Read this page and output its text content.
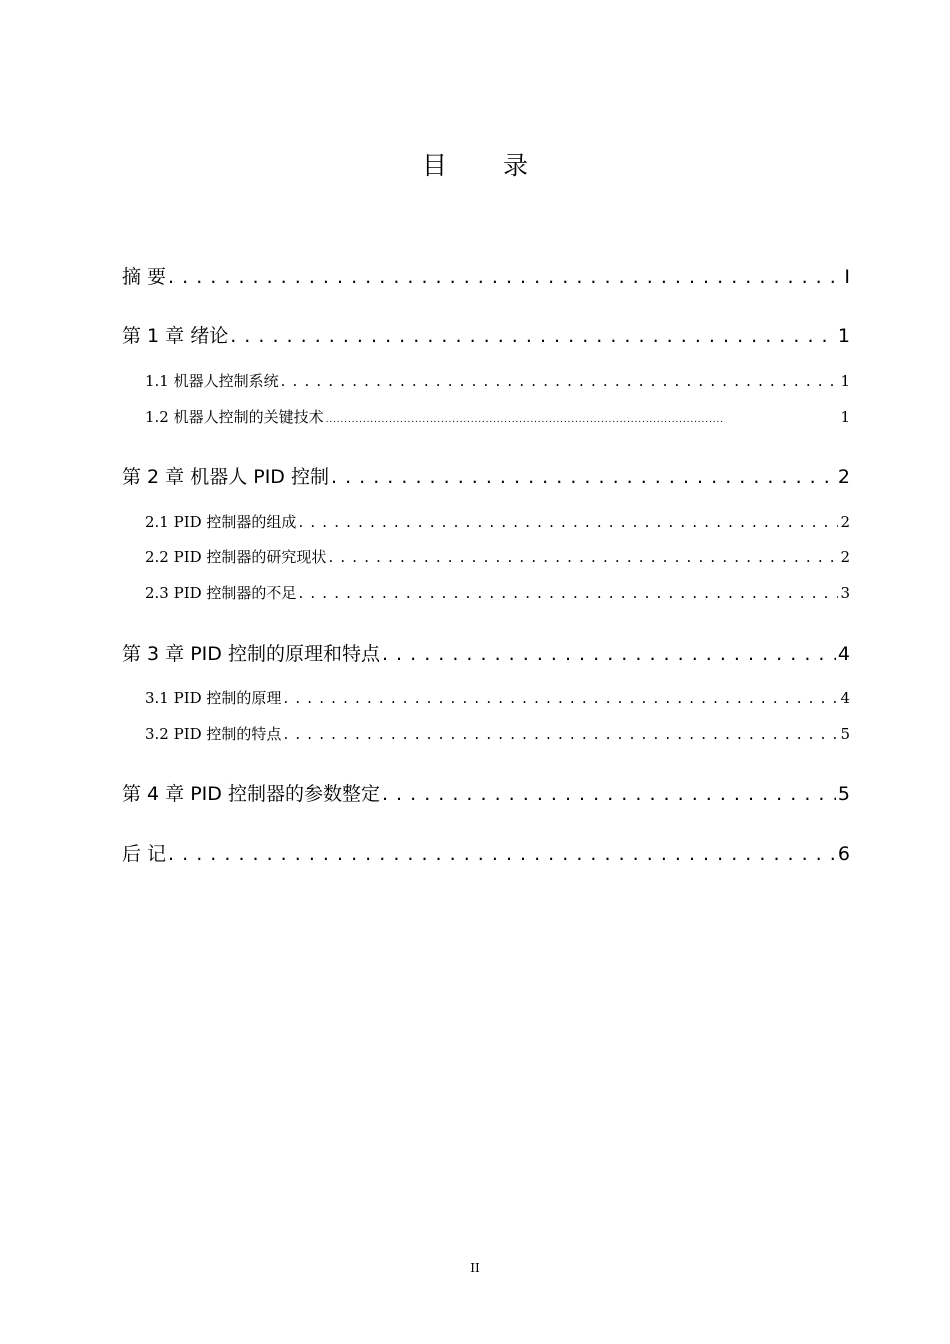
目 录
摘 要 . . .	I
第 1 章 绪论 . . .	1
1.1 机器人控制系统 . . .	1
1.2 机器人控制的关键技术 . . .	1
第 2 章 机器人 PID 控制 . . .	2
2.1 PID 控制器的组成 . . .	2
2.2 PID 控制器的研究现状 . . .	2
2.3 PID 控制器的不足 . . .	3
第 3 章 PID 控制的原理和特点 . . .	4
3.1 PID 控制的原理 . . .	4
3.2 PID 控制的特点 . . .	5
第 4 章 PID 控制器的参数整定 . . .	5
后 记 . . .	6
II
